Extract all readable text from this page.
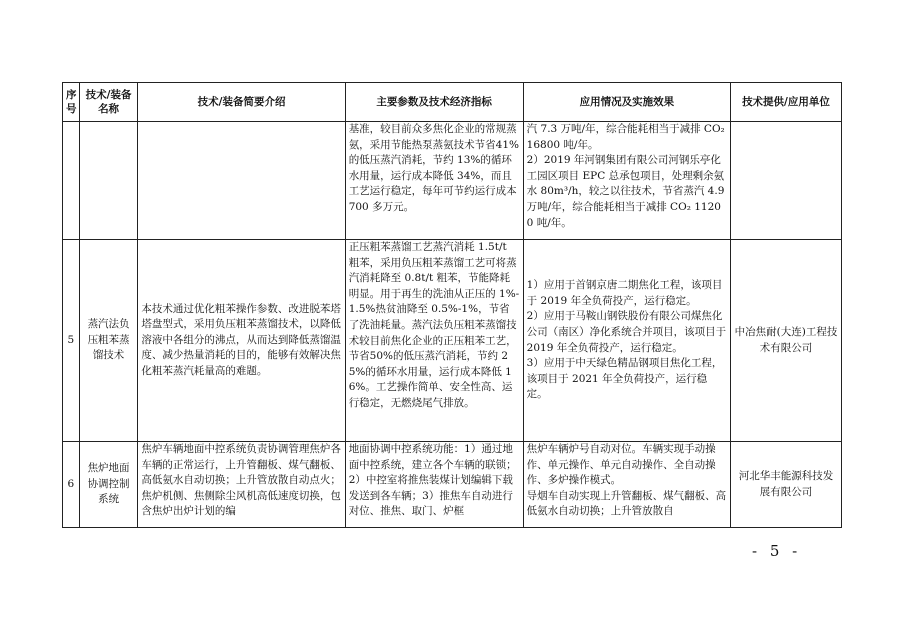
序号	技术/装备名称	技术/装备简要介绍	主要参数及技术经济指标	应用情况及实施效果	技术提供/应用单位
			基准，较目前众多焦化企业的常规蒸氨，采用节能热泵蒸氨技术节省41%的低压蒸汽消耗，节约 13%的循环水用量，运行成本降低 34%，而且工艺运行稳定，每年可节约运行成本 700 多万元。	汽 7.3 万吨/年，综合能耗相当于减排 CO₂ 16800 吨/年。
2）2019 年河钢集团有限公司河钢乐亭化工园区项目 EPC 总承包项目，处理剩余氨水 80m³/h，较之以往技术，节省蒸汽 4.9 万吨/年，综合能耗相当于减排 CO₂ 11200 吨/年。	

5	蒸汽法负压粗苯蒸馏技术	本技术通过优化粗苯操作参数、改进脱苯塔塔盘型式，采用负压粗苯蒸馏技术，以降低溶液中各组分的沸点，从而达到降低蒸馏温度、减少热量消耗的目的，能够有效解决焦化粗苯蒸汽耗量高的难题。	正压粗苯蒸馏工艺蒸汽消耗 1.5t/t 粗苯，采用负压粗苯蒸馏工艺可将蒸汽消耗降至 0.8t/t 粗苯，节能降耗明显。用于再生的洗油从正压的 1%-1.5%热贫油降至 0.5%-1%，节省了洗油耗量。蒸汽法负压粗苯蒸馏技术较目前焦化企业的正压粗苯工艺，节省50%的低压蒸汽消耗，节约 25%的循环水用量，运行成本降低 16%。工艺操作简单、安全性高、运行稳定，无燃烧尾气排放。	1）应用于首钢京唐二期焦化工程，该项目于 2019 年全负荷投产，运行稳定。
2）应用于马鞍山钢铁股份有限公司煤焦化公司（南区）净化系统合并项目，该项目于 2019 年全负荷投产，运行稳定。
3）应用于中天绿色精品钢项目焦化工程，该项目于 2021 年全负荷投产，运行稳定。	中冶焦耐(大连)工程技术有限公司
6	焦炉地面协调控制系统	焦炉车辆地面中控系统负责协调管理焦炉各车辆的正常运行，上升管翻板、煤气翻板、高低氨水自动切换；上升管放散自动点火；焦炉机侧、焦侧除尘风机高低速度切换，包含焦炉出炉计划的编	地面协调中控系统功能：1）通过地面中控系统，建立各个车辆的联锁；2）中控室将推焦装煤计划编辑下载发送到各车辆；3）推焦车自动进行对位、推焦、取门、炉框	焦炉车辆炉号自动对位。车辆实现手动操作、单元操作、单元自动操作、全自动操作、多炉操作模式。
导烟车自动实现上升管翻板、煤气翻板、高低氨水自动切换；上升管放散自	河北华丰能源科技发展有限公司
- 5 -
